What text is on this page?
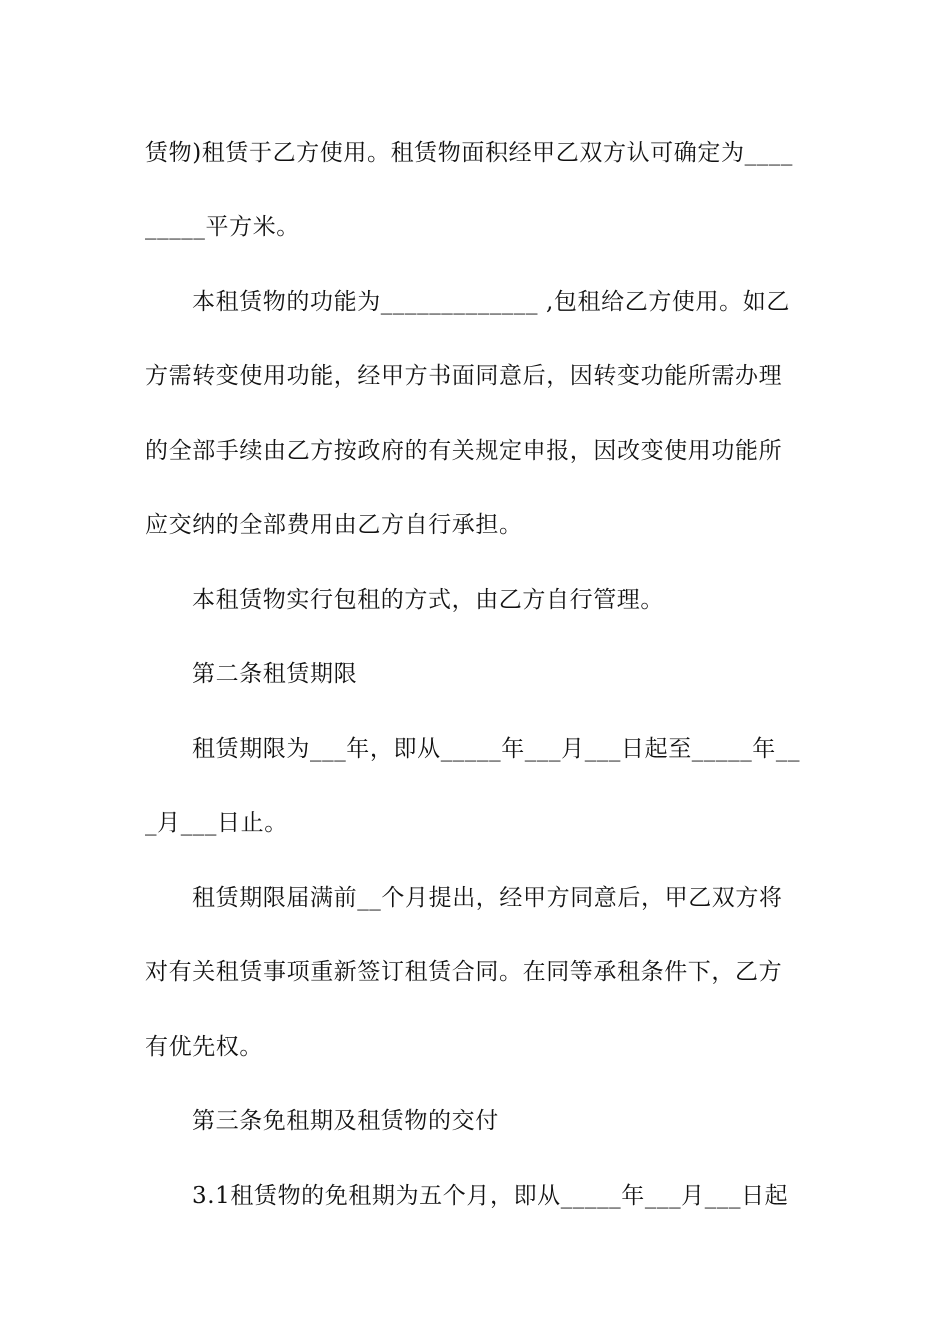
赁物)租赁于乙方使用。租赁物面积经甲乙双方认可确定为____
_____平方米。
本租赁物的功能为_____________ ,包租给乙方使用。如乙
方需转变使用功能，经甲方书面同意后，因转变功能所需办理
的全部手续由乙方按政府的有关规定申报，因改变使用功能所
应交纳的全部费用由乙方自行承担。
本租赁物实行包租的方式，由乙方自行管理。
第二条租赁期限
租赁期限为___年，即从_____年___月___日起至_____年__
_月___日止。
租赁期限届满前__个月提出，经甲方同意后，甲乙双方将
对有关租赁事项重新签订租赁合同。在同等承租条件下，乙方
有优先权。
第三条免租期及租赁物的交付
3.1租赁物的免租期为五个月，即从_____年___月___日起
